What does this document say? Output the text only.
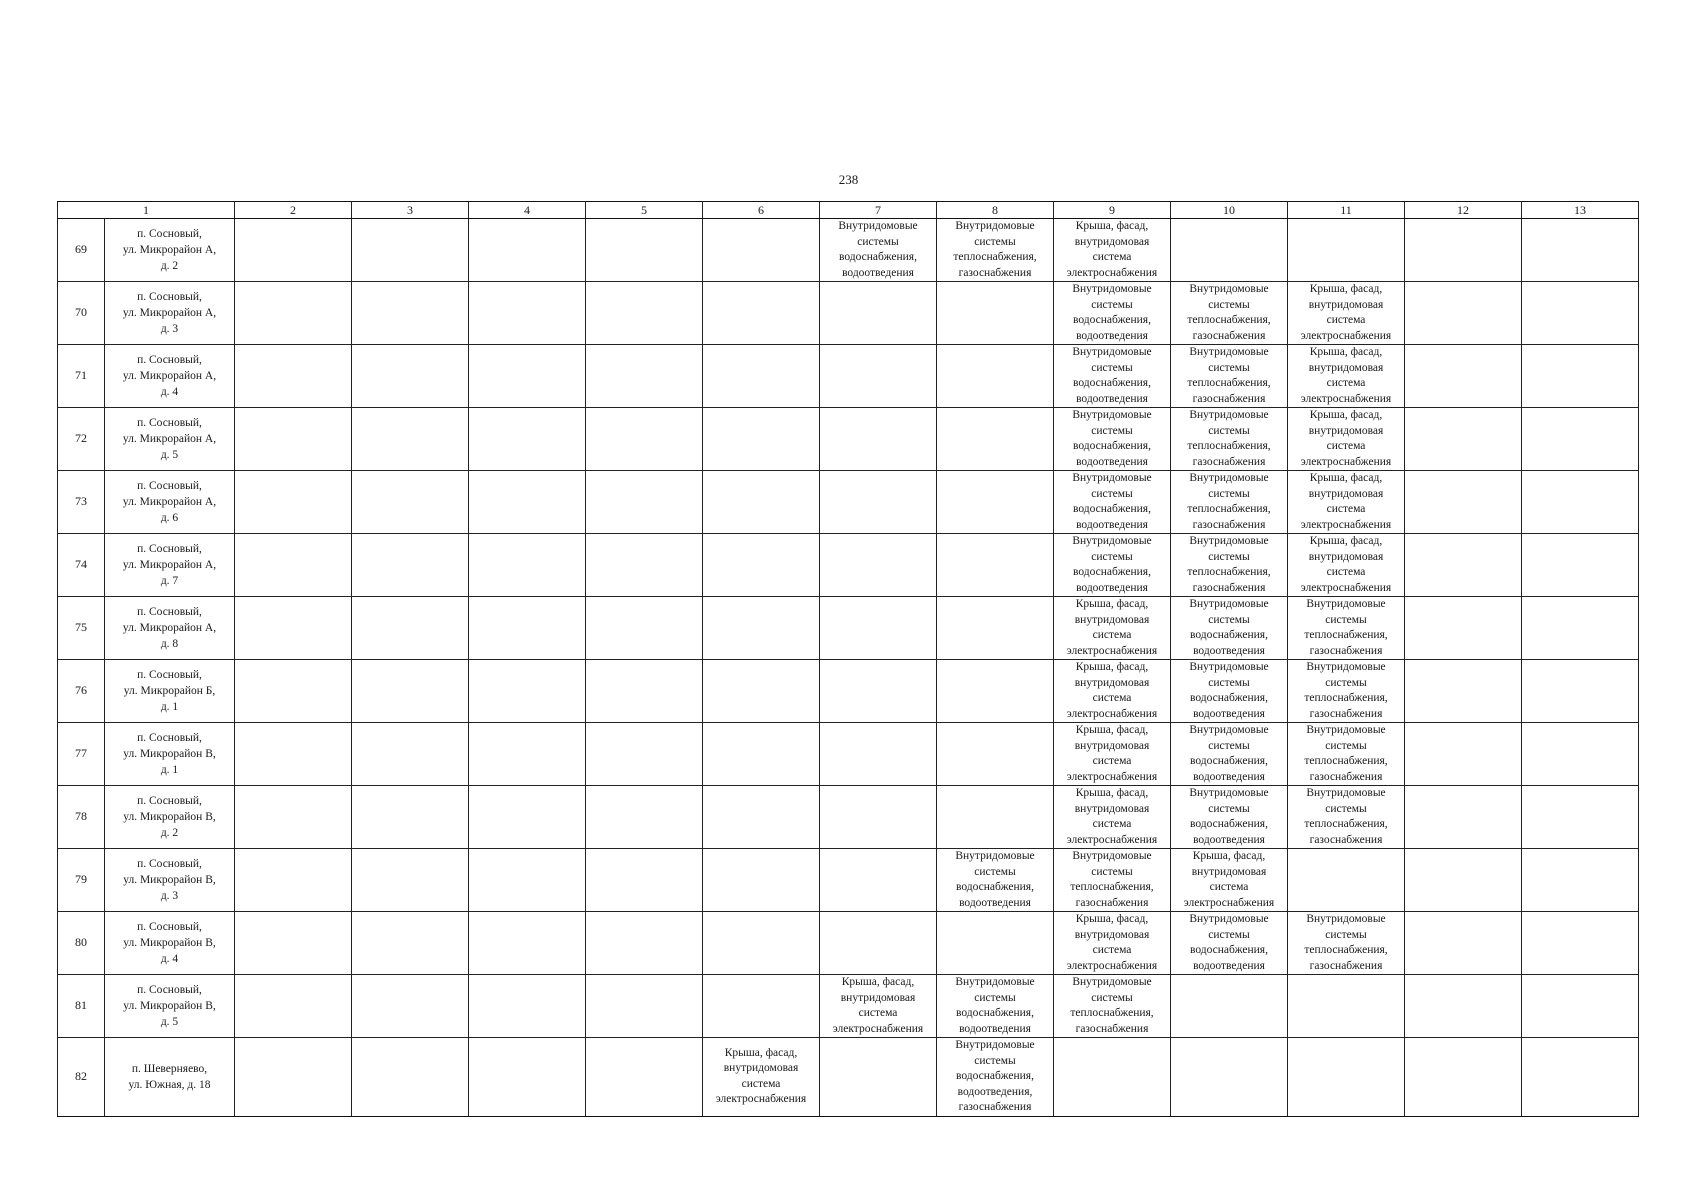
238
1		2	3	4	5	6	7	8	9	10	11	12	13
69	п. Сосновый,
ул. Микрорайон А,
д. 2						Внутридомовые
системы
водоснабжения,
водоотведения	Внутридомовые
системы
теплоснабжения,
газоснабжения	Крыша, фасад,
внутридомовая
система
электроснабжения				

70	п. Сосновый,
ул. Микрорайон А,
д. 3								Внутридомовые
системы
водоснабжения,
водоотведения	Внутридомовые
системы
теплоснабжения,
газоснабжения	Крыша, фасад,
внутридомовая
система
электроснабжения		

71	п. Сосновый,
ул. Микрорайон А,
д. 4								Внутридомовые
системы
водоснабжения,
водоотведения	Внутридомовые
системы
теплоснабжения,
газоснабжения	Крыша, фасад,
внутридомовая
система
электроснабжения		

72	п. Сосновый,
ул. Микрорайон А,
д. 5								Внутридомовые
системы
водоснабжения,
водоотведения	Внутридомовые
системы
теплоснабжения,
газоснабжения	Крыша, фасад,
внутридомовая
система
электроснабжения		

73	п. Сосновый,
ул. Микрорайон А,
д. 6								Внутридомовые
системы
водоснабжения,
водоотведения	Внутридомовые
системы
теплоснабжения,
газоснабжения	Крыша, фасад,
внутридомовая
система
электроснабжения		

74	п. Сосновый,
ул. Микрорайон А,
д. 7								Внутридомовые
системы
водоснабжения,
водоотведения	Внутридомовые
системы
теплоснабжения,
газоснабжения	Крыша, фасад,
внутридомовая
система
электроснабжения		

75	п. Сосновый,
ул. Микрорайон А,
д. 8								Крыша, фасад,
внутридомовая
система
электроснабжения	Внутридомовые
системы
водоснабжения,
водоотведения	Внутридомовые
системы
теплоснабжения,
газоснабжения		

76	п. Сосновый,
ул. Микрорайон Б,
д. 1								Крыша, фасад,
внутридомовая
система
электроснабжения	Внутридомовые
системы
водоснабжения,
водоотведения	Внутридомовые
системы
теплоснабжения,
газоснабжения		

77	п. Сосновый,
ул. Микрорайон В,
д. 1								Крыша, фасад,
внутридомовая
система
электроснабжения	Внутридомовые
системы
водоснабжения,
водоотведения	Внутридомовые
системы
теплоснабжения,
газоснабжения		

78	п. Сосновый,
ул. Микрорайон В,
д. 2								Крыша, фасад,
внутридомовая
система
электроснабжения	Внутридомовые
системы
водоснабжения,
водоотведения	Внутридомовые
системы
теплоснабжения,
газоснабжения		

79	п. Сосновый,
ул. Микрорайон В,
д. 3							Внутридомовые
системы
водоснабжения,
водоотведения	Внутридомовые
системы
теплоснабжения,
газоснабжения	Крыша, фасад,
внутридомовая
система
электроснабжения			

80	п. Сосновый,
ул. Микрорайон В,
д. 4								Крыша, фасад,
внутридомовая
система
электроснабжения	Внутридомовые
системы
водоснабжения,
водоотведения	Внутридомовые
системы
теплоснабжения,
газоснабжения		

81	п. Сосновый,
ул. Микрорайон В,
д. 5						Крыша, фасад,
внутридомовая
система
электроснабжения	Внутридомовые
системы
водоснабжения,
водоотведения	Внутридомовые
системы
теплоснабжения,
газоснабжения				

82	п. Шеверняево,
ул. Южная, д. 18					Крыша, фасад,
внутридомовая
система
электроснабжения		Внутридомовые
системы
водоснабжения,
водоотведения,
газоснабжения					
